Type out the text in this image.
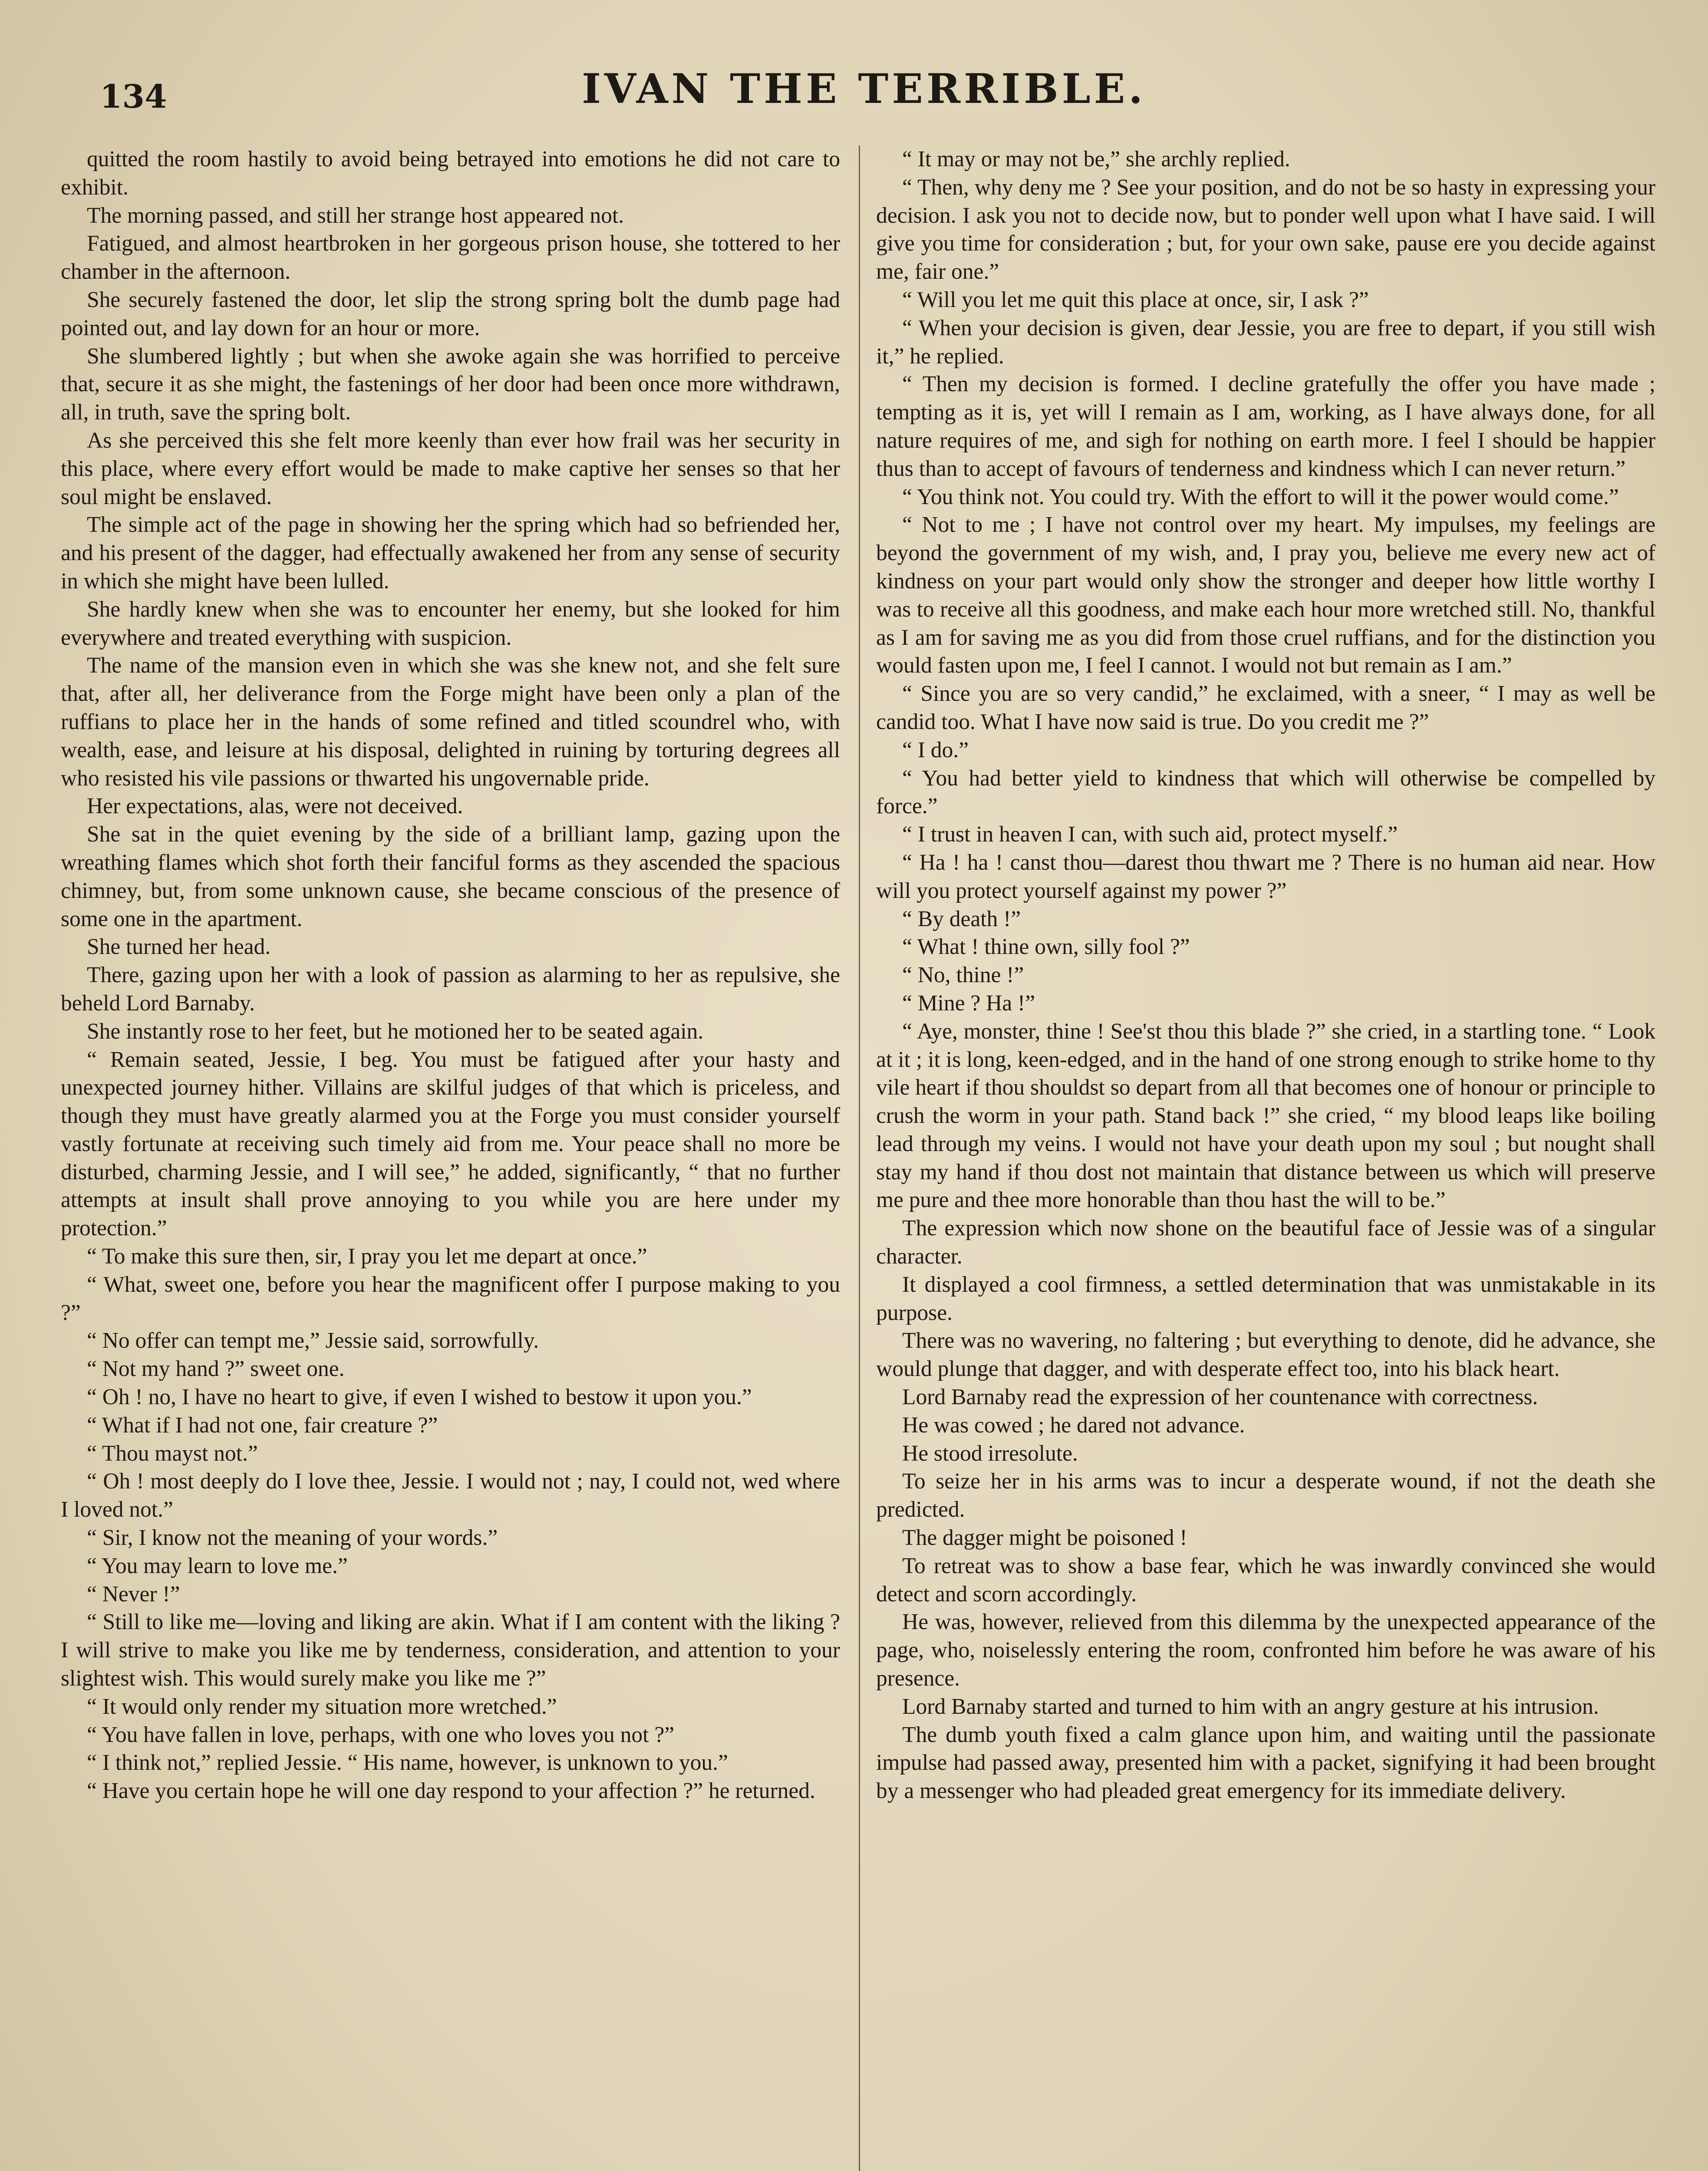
134	IVAN THE TERRIBLE.

quitted the room hastily to avoid being betrayed into emotions he did not care to exhibit.

The morning passed, and still her strange host appeared not.

Fatigued, and almost heartbroken in her gorgeous prison house, she tottered to her chamber in the afternoon.

She securely fastened the door, let slip the strong spring bolt the dumb page had pointed out, and lay down for an hour or more.

She slumbered lightly ; but when she awoke again she was horrified to perceive that, secure it as she might, the fastenings of her door had been once more withdrawn, all, in truth, save the spring bolt.

As she perceived this she felt more keenly than ever how frail was her security in this place, where every effort would be made to make captive her senses so that her soul might be enslaved.

The simple act of the page in showing her the spring which had so befriended her, and his present of the dagger, had effectually awakened her from any sense of security in which she might have been lulled.

She hardly knew when she was to encounter her enemy, but she looked for him everywhere and treated everything with suspicion.

The name of the mansion even in which she was she knew not, and she felt sure that, after all, her deliverance from the Forge might have been only a plan of the ruffians to place her in the hands of some refined and titled scoundrel who, with wealth, ease, and leisure at his disposal, delighted in ruining by torturing degrees all who resisted his vile passions or thwarted his ungovernable pride.

Her expectations, alas, were not deceived.

She sat in the quiet evening by the side of a brilliant lamp, gazing upon the wreathing flames which shot forth their fanciful forms as they ascended the spacious chimney, but, from some unknown cause, she became conscious of the presence of some one in the apartment.

She turned her head.

There, gazing upon her with a look of passion as alarming to her as repulsive, she beheld Lord Barnaby.

She instantly rose to her feet, but he motioned her to be seated again.

“ Remain seated, Jessie, I beg. You must be fatigued after your hasty and unexpected journey hither. Villains are skilful judges of that which is priceless, and though they must have greatly alarmed you at the Forge you must consider yourself vastly fortunate at receiving such timely aid from me. Your peace shall no more be disturbed, charming Jessie, and I will see,” he added, significantly, “ that no further attempts at insult shall prove annoying to you while you are here under my protection.”

“ To make this sure then, sir, I pray you let me depart at once.”

“ What, sweet one, before you hear the magnificent offer I purpose making to you ?”

“ No offer can tempt me,” Jessie said, sorrowfully.

“ Not my hand ?” sweet one.

“ Oh ! no, I have no heart to give, if even I wished to bestow it upon you.”

“ What if I had not one, fair creature ?”

“ Thou mayst not.”

“ Oh ! most deeply do I love thee, Jessie. I would not ; nay, I could not, wed where I loved not.”

“ Sir, I know not the meaning of your words.”

“ You may learn to love me.”

“ Never !”

“ Still to like me—loving and liking are akin. What if I am content with the liking ? I will strive to make you like me by tenderness, consideration, and attention to your slightest wish. This would surely make you like me ?”

“ It would only render my situation more wretched.”

“ You have fallen in love, perhaps, with one who loves you not ?”

“ I think not,” replied Jessie. “ His name, however, is unknown to you.”

“ Have you certain hope he will one day respond to your affection ?” he returned.

“ It may or may not be,” she archly replied.

“ Then, why deny me ? See your position, and do not be so hasty in expressing your decision. I ask you not to decide now, but to ponder well upon what I have said. I will give you time for consideration ; but, for your own sake, pause ere you decide against me, fair one.”

“ Will you let me quit this place at once, sir, I ask ?”

“ When your decision is given, dear Jessie, you are free to depart, if you still wish it,” he replied.

“ Then my decision is formed. I decline gratefully the offer you have made ; tempting as it is, yet will I remain as I am, working, as I have always done, for all nature requires of me, and sigh for nothing on earth more. I feel I should be happier thus than to accept of favours of tenderness and kindness which I can never return.”

“ You think not. You could try. With the effort to will it the power would come.”

“ Not to me ; I have not control over my heart. My impulses, my feelings are beyond the government of my wish, and, I pray you, believe me every new act of kindness on your part would only show the stronger and deeper how little worthy I was to receive all this goodness, and make each hour more wretched still. No, thankful as I am for saving me as you did from those cruel ruffians, and for the distinction you would fasten upon me, I feel I cannot. I would not but remain as I am.”

“ Since you are so very candid,” he exclaimed, with a sneer, “ I may as well be candid too. What I have now said is true. Do you credit me ?”

“ I do.”

“ You had better yield to kindness that which will otherwise be compelled by force.”

“ I trust in heaven I can, with such aid, protect myself.”

“ Ha ! ha ! canst thou—darest thou thwart me ? There is no human aid near. How will you protect yourself against my power ?”

“ By death !”

“ What ! thine own, silly fool ?”

“ No, thine !”

“ Mine ? Ha !”

“ Aye, monster, thine ! See'st thou this blade ?” she cried, in a startling tone. “ Look at it ; it is long, keen-edged, and in the hand of one strong enough to strike home to thy vile heart if thou shouldst so depart from all that becomes one of honour or principle to crush the worm in your path. Stand back !” she cried, “ my blood leaps like boiling lead through my veins. I would not have your death upon my soul ; but nought shall stay my hand if thou dost not maintain that distance between us which will preserve me pure and thee more honorable than thou hast the will to be.”

The expression which now shone on the beautiful face of Jessie was of a singular character.

It displayed a cool firmness, a settled determination that was unmistakable in its purpose.

There was no wavering, no faltering ; but everything to denote, did he advance, she would plunge that dagger, and with desperate effect too, into his black heart.

Lord Barnaby read the expression of her countenance with correctness.

He was cowed ; he dared not advance.

He stood irresolute.

To seize her in his arms was to incur a desperate wound, if not the death she predicted.

The dagger might be poisoned !

To retreat was to show a base fear, which he was inwardly convinced she would detect and scorn accordingly.

He was, however, relieved from this dilemma by the unexpected appearance of the page, who, noiselessly entering the room, confronted him before he was aware of his presence.

Lord Barnaby started and turned to him with an angry gesture at his intrusion.

The dumb youth fixed a calm glance upon him, and waiting until the passionate impulse had passed away, presented him with a packet, signifying it had been brought by a messenger who had pleaded great emergency for its immediate delivery.
